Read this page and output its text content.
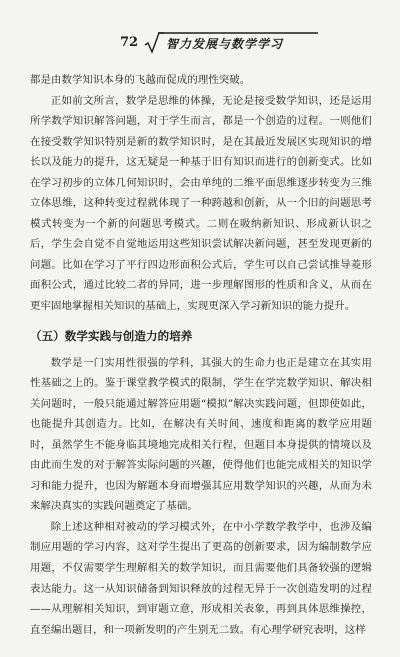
72 智力发展与数学学习

都是由数学知识本身的飞越而促成的理性突破。

正如前文所言，数学是思维的体操，无论是接受数学知识，还是运用所学数学知识解答问题，对于学生而言，都是一个创造的过程。一则他们在接受数学知识特别是新的数学知识时，是在其最近发展区实现知识的增长以及能力的提升，这无疑是一种基于旧有知识而进行的创新变式。比如在学习初步的立体几何知识时，会由单纯的二维平面思维逐步转变为三维立体思维，这种转变过程就体现了一种跨越和创新，从一个旧的问题思考模式转变为一个新的问题思考模式。二则在吸纳新知识、形成新认识之后，学生会自觉不自觉地运用这些知识尝试解决新问题，甚至发现更新的问题。比如在学习了平行四边形面积公式后，学生可以自己尝试推导菱形面积公式，通过比较二者的异同，进一步理解图形的性质和含义，从而在更牢固地掌握相关知识的基础上，实现更深入学习新知识的能力提升。

（五）数学实践与创造力的培养

数学是一门实用性很强的学科，其强大的生命力也正是建立在其实用性基础之上的。鉴于课堂教学模式的限制，学生在学完数学知识、解决相关问题时，一般只能通过解答应用题“模拟”解决实践问题，但即使如此，也能提升其创造力。比如，在解决有关时间、速度和距离的数学应用题时，虽然学生不能身临其境地完成相关行程，但题目本身提供的情境以及由此而生发的对于解答实际问题的兴趣，使得他们也能完成相关的知识学习和能力提升，也因为解题本身而增强其应用数学知识的兴趣，从而为未来解决真实的实践问题奠定了基础。

除上述这种相对被动的学习模式外，在中小学数学教学中，也涉及编制应用题的学习内容，这对学生提出了更高的创新要求，因为编制数学应用题，不仅需要学生理解相关的数学知识，而且需要他们具备较强的逻辑表达能力。这一从知识储备到知识释放的过程无异于一次创造发明的过程——从理解相关知识，到审题立意，形成相关表象，再到具体思维操控，直至编出题目，和一项新发明的产生别无二致。有心理学研究表明，这样
